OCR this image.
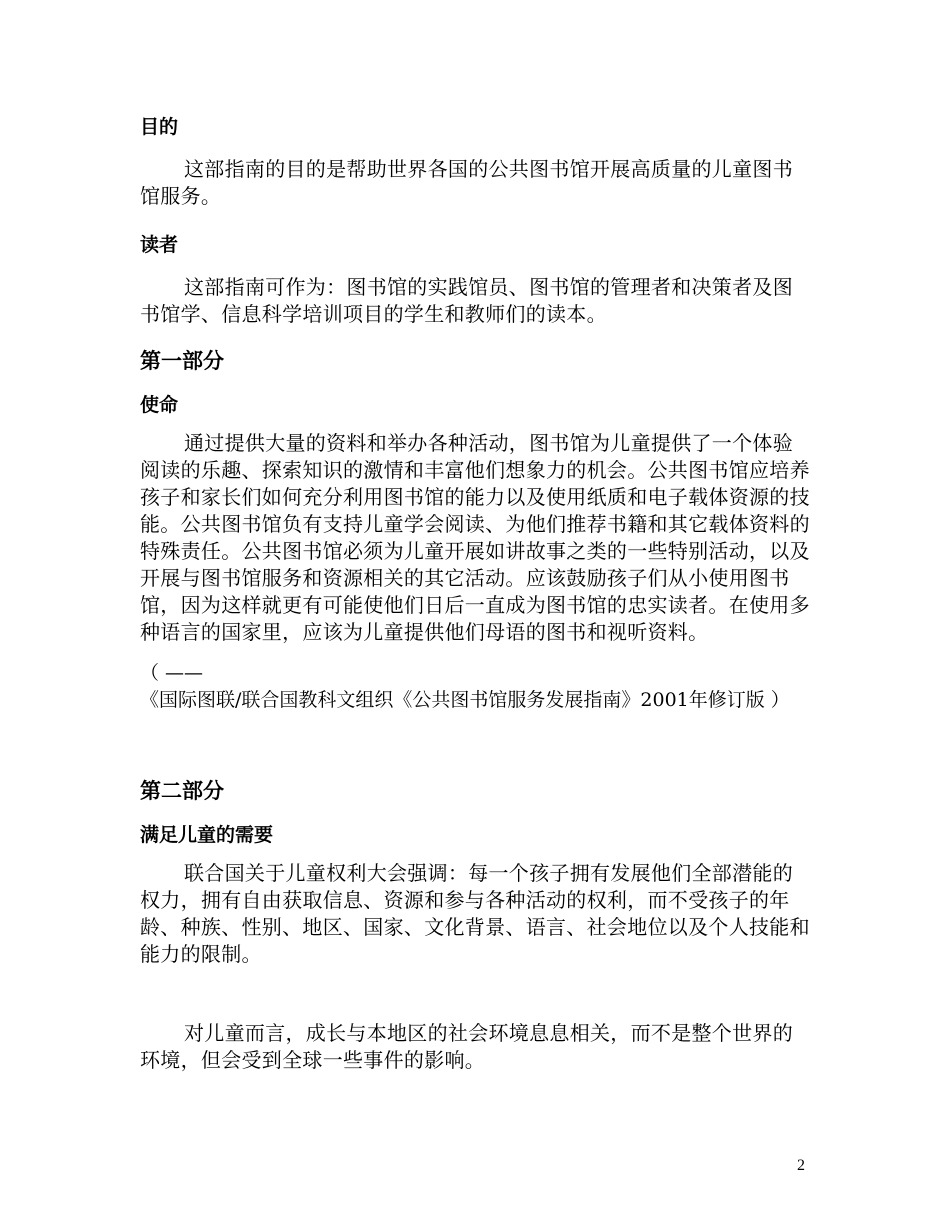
目的

这部指南的目的是帮助世界各国的公共图书馆开展高质量的儿童图书馆服务。

读者

这部指南可作为：图书馆的实践馆员、图书馆的管理者和决策者及图书馆学、信息科学培训项目的学生和教师们的读本。

第一部分
使命

通过提供大量的资料和举办各种活动，图书馆为儿童提供了一个体验阅读的乐趣、探索知识的激情和丰富他们想象力的机会。公共图书馆应培养孩子和家长们如何充分利用图书馆的能力以及使用纸质和电子载体资源的技能。公共图书馆负有支持儿童学会阅读、为他们推荐书籍和其它载体资料的特殊责任。公共图书馆必须为儿童开展如讲故事之类的一些特别活动，以及开展与图书馆服务和资源相关的其它活动。应该鼓励孩子们从小使用图书馆，因为这样就更有可能使他们日后一直成为图书馆的忠实读者。在使用多种语言的国家里，应该为儿童提供他们母语的图书和视听资料。

（ ——
《国际图联/联合国教科文组织《公共图书馆服务发展指南》2001年修订版 ）
第二部分
满足儿童的需要

联合国关于儿童权利大会强调：每一个孩子拥有发展他们全部潜能的权力，拥有自由获取信息、资源和参与各种活动的权利，而不受孩子的年龄、种族、性别、地区、国家、文化背景、语言、社会地位以及个人技能和能力的限制。

对儿童而言，成长与本地区的社会环境息息相关，而不是整个世界的环境，但会受到全球一些事件的影响。

2
